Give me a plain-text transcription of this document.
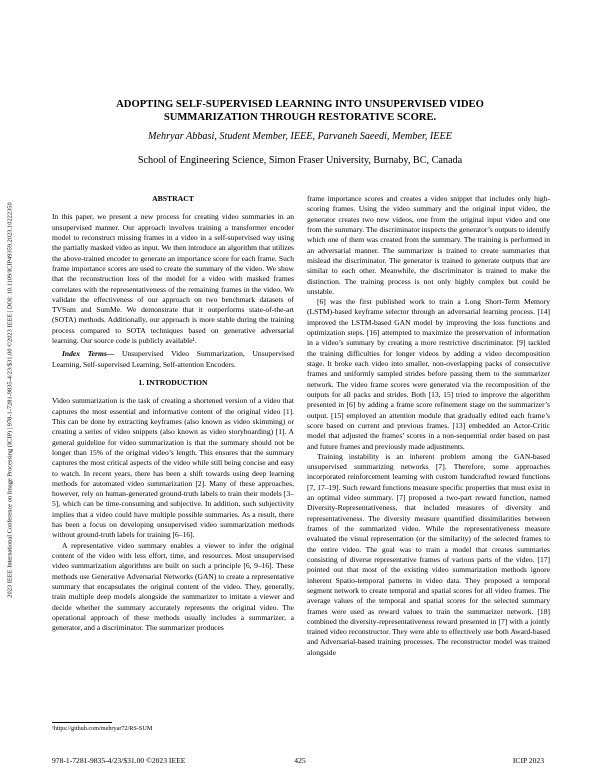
2023 IEEE International Conference on Image Processing (ICIP) | 978-1-7281-9835-4/23/$31.00 ©2023 IEEE | DOI: 10.1109/ICIP49359.2023.10222350
ADOPTING SELF-SUPERVISED LEARNING INTO UNSUPERVISED VIDEO
SUMMARIZATION THROUGH RESTORATIVE SCORE.
Mehryar Abbasi, Student Member, IEEE, Parvaneh Saeedi, Member, IEEE
School of Engineering Science, Simon Fraser University, Burnaby, BC, Canada

ABSTRACT

In this paper, we present a new process for creating video summaries in an unsupervised manner. Our approach involves training a transformer encoder model to reconstruct missing frames in a video in a self-supervised way using the partially masked video as input. We then introduce an algorithm that utilizes the above-trained encoder to generate an importance score for each frame. Such frame importance scores are used to create the summary of the video. We show that the reconstruction loss of the model for a video with masked frames correlates with the representativeness of the remaining frames in the video. We validate the effectiveness of our approach on two benchmark datasets of TVSum and SumMe. We demonstrate that it outperforms state-of-the-art (SOTA) methods. Additionally, our approach is more stable during the training process compared to SOTA techniques based on generative adversarial learning. Our source code is publicly available¹.

Index Terms— Unsupervised Video Summarization, Unsupervised Learning, Self-supervised Learning, Self-attention Encoders.

1. INTRODUCTION

Video summarization is the task of creating a shortened version of a video that captures the most essential and informative content of the original video [1]. This can be done by extracting keyframes (also known as video skimming) or creating a series of video snippets (also known as video storyboarding) [1]. A general guideline for video summarization is that the summary should not be longer than 15% of the original video’s length. This ensures that the summary captures the most critical aspects of the video while still being concise and easy to watch. In recent years, there has been a shift towards using deep learning methods for automated video summarization [2]. Many of these approaches, however, rely on human-generated ground-truth labels to train their models [3–5], which can be time-consuming and subjective. In addition, such subjectivity implies that a video could have multiple possible summaries. As a result, there has been a focus on developing unsupervised video summarization methods without ground-truth labels for training [6–16].

A representative video summary enables a viewer to infer the original content of the video with less effort, time, and resources. Most unsupervised video summarization algorithms are built on such a principle [6, 9–16]. These methods use Generative Adversarial Networks (GAN) to create a representative summary that encapsulates the original content of the video. They, generally, train multiple deep models alongside the summarizer to imitate a viewer and decide whether the summary accurately represents the original video. The operational approach of these methods usually includes a summarizer, a generator, and a discriminator. The summarizer produces

frame importance scores and creates a video snippet that includes only high-scoring frames. Using the video summary and the original input video, the generator creates two new videos, one from the original input video and one from the summary. The discriminator inspects the generator’s outputs to identify which one of them was created from the summary. The training is performed in an adversarial manner. The summarizer is trained to create summaries that mislead the discriminator. The generator is trained to generate outputs that are similar to each other. Meanwhile, the discriminator is trained to make the distinction. The training process is not only highly complex but could be unstable.

[6] was the first published work to train a Long Short-Term Memory (LSTM)-based keyframe selector through an adversarial learning process. [14] improved the LSTM-based GAN model by improving the loss functions and optimization steps. [16] attempted to maximize the preservation of information in a video’s summary by creating a more restrictive discriminator. [9] tackled the training difficulties for longer videos by adding a video decomposition stage. It broke each video into smaller, non-overlapping packs of consecutive frames and uniformly sampled strides before passing them to the summarizer network. The video frame scores were generated via the recomposition of the outputs for all packs and strides. Both [13, 15] tried to improve the algorithm presented in [6] by adding a frame score refinement stage on the summarizer’s output. [15] employed an attention module that gradually edited each frame’s score based on current and previous frames. [13] embedded an Actor-Critic model that adjusted the frames’ scores in a non-sequential order based on past and future frames and previously made adjustments.

Training instability is an inherent problem among the GAN-based unsupervised summarizing networks [7]. Therefore, some approaches incorporated reinforcement learning with custom handcrafted reward functions [7, 17–19]. Such reward functions measure specific properties that must exist in an optimal video summary. [7] proposed a two-part reward function, named Diversity-Representativeness, that included measures of diversity and representativeness. The diversity measure quantified dissimilarities between frames of the summarized video. While the representativeness measure evaluated the visual representation (or the similarity) of the selected frames to the entire video. The goal was to train a model that creates summaries consisting of diverse representative frames of various parts of the video. [17] pointed out that most of the existing video summarization methods ignore inherent Spatio-temporal patterns in video data. They proposed a temporal segment network to create temporal and spatial scores for all video frames. The average values of the temporal and spatial scores for the selected summary frames were used as reward values to train the summarizer network. [18] combined the diversity-representativeness reward presented in [7] with a jointly trained video reconstructor. They were able to effectively use both Award-based and Adversarial-based training processes. The reconstructor model was trained alongside

¹https://github.com/mehryar72/RS-SUM

978-1-7281-9835-4/23/$31.00 ©2023 IEEE	425	ICIP 2023
